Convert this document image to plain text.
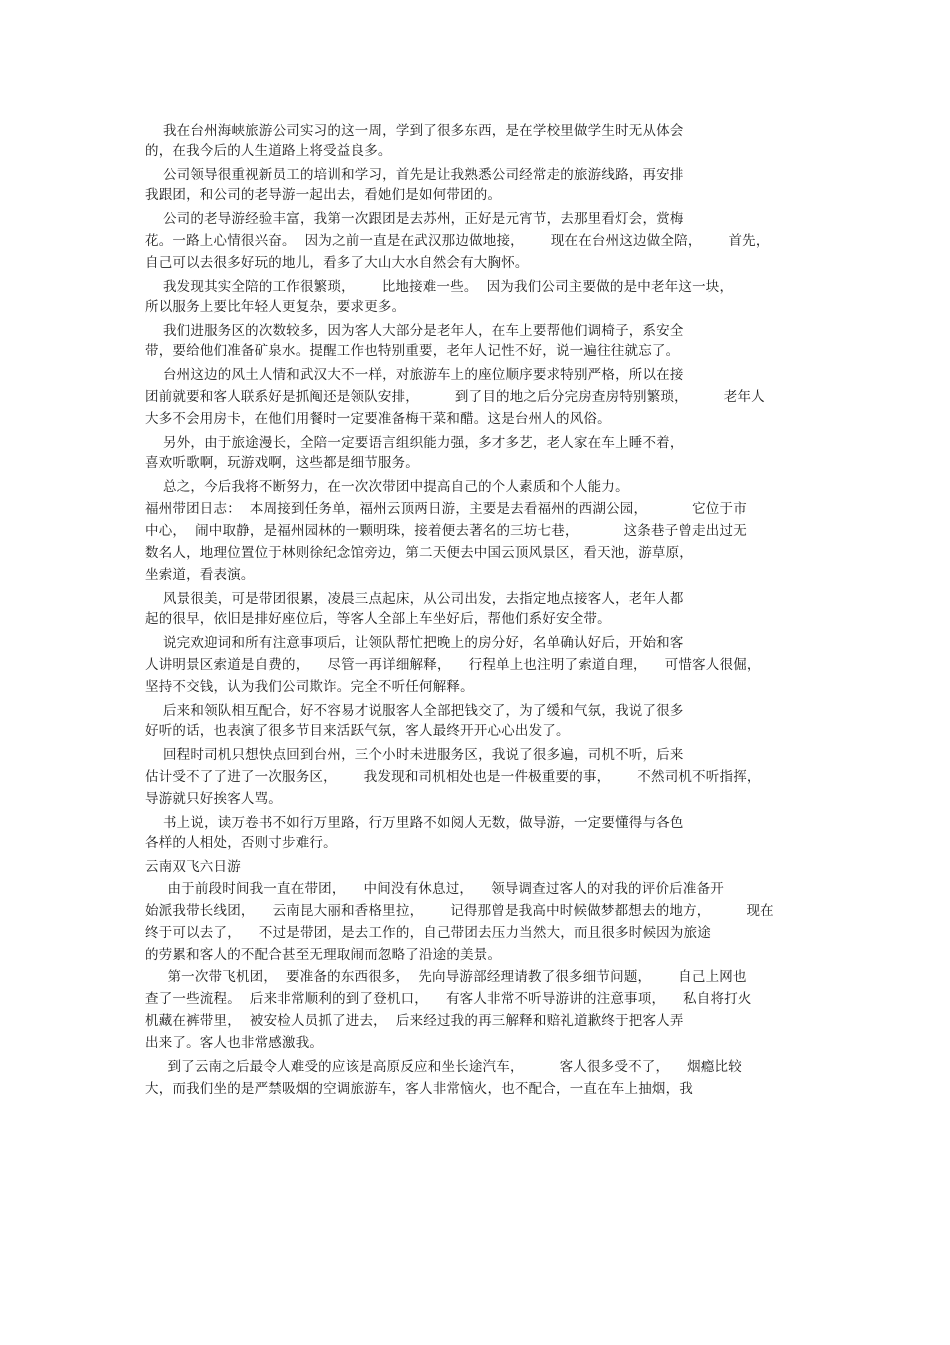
我在台州海峡旅游公司实习的这一周，学到了很多东西，是在学校里做学生时无从体会
的，在我今后的人生道路上将受益良多。
公司领导很重视新员工的培训和学习，首先是让我熟悉公司经常走的旅游线路，再安排
我跟团，和公司的老导游一起出去，看她们是如何带团的。
公司的老导游经验丰富，我第一次跟团是去苏州，正好是元宵节，去那里看灯会，赏梅
花。一路上心情很兴奋。  因为之前一直是在武汉那边做地接，      现在在台州这边做全陪，      首先，
自己可以去很多好玩的地儿，看多了大山大水自然会有大胸怀。
我发现其实全陪的工作很繁琐，      比地接难一些。  因为我们公司主要做的是中老年这一块，
所以服务上要比年轻人更复杂，要求更多。
我们进服务区的次数较多，因为客人大部分是老年人，在车上要帮他们调椅子，系安全
带，要给他们准备矿泉水。提醒工作也特别重要，老年人记性不好，说一遍往往就忘了。
台州这边的风土人情和武汉大不一样，对旅游车上的座位顺序要求特别严格，所以在接
团前就要和客人联系好是抓阄还是领队安排，        到了目的地之后分完房查房特别繁琐，        老年人
大多不会用房卡，在他们用餐时一定要准备梅干菜和醋。这是台州人的风俗。
另外，由于旅途漫长，全陪一定要语言组织能力强，多才多艺，老人家在车上睡不着，
喜欢听歌啊，玩游戏啊，这些都是细节服务。
总之，今后我将不断努力，在一次次带团中提高自己的个人素质和个人能力。
福州带团日志：  本周接到任务单，福州云顶两日游，主要是去看福州的西湖公园，          它位于市
中心，  闹中取静，是福州园林的一颗明珠，接着便去著名的三坊七巷，          这条巷子曾走出过无
数名人，地理位置位于林则徐纪念馆旁边，第二天便去中国云顶风景区，看天池，游草原，
坐索道，看表演。
风景很美，可是带团很累，凌晨三点起床，从公司出发，去指定地点接客人，老年人都
起的很早，依旧是排好座位后，等客人全部上车坐好后，帮他们系好安全带。
说完欢迎词和所有注意事项后，让领队帮忙把晚上的房分好，名单确认好后，开始和客
人讲明景区索道是自费的，    尽管一再详细解释，    行程单上也注明了索道自理，    可惜客人很倔，
坚持不交钱，认为我们公司欺诈。完全不听任何解释。
后来和领队相互配合，好不容易才说服客人全部把钱交了，为了缓和气氛，我说了很多
好听的话，也表演了很多节目来活跃气氛，客人最终开开心心出发了。
回程时司机只想快点回到台州，三个小时未进服务区，我说了很多遍，司机不听，后来
估计受不了了进了一次服务区，      我发现和司机相处也是一件极重要的事，      不然司机不听指挥，
导游就只好挨客人骂。
书上说，读万卷书不如行万里路，行万里路不如阅人无数，做导游，一定要懂得与各色
各样的人相处，否则寸步难行。
云南双飞六日游
由于前段时间我一直在带团，    中间没有休息过，    领导调查过客人的对我的评价后准备开
始派我带长线团，    云南昆大丽和香格里拉，      记得那曾是我高中时候做梦都想去的地方，        现在
终于可以去了，    不过是带团，是去工作的，自己带团去压力当然大，而且很多时候因为旅途
的劳累和客人的不配合甚至无理取闹而忽略了沿途的美景。
第一次带飞机团，  要准备的东西很多，  先向导游部经理请教了很多细节问题，      自己上网也
查了一些流程。  后来非常顺利的到了登机口，    有客人非常不听导游讲的注意事项，    私自将打火
机藏在裤带里，  被安检人员抓了进去，  后来经过我的再三解释和赔礼道歉终于把客人弄
出来了。客人也非常感激我。
到了云南之后最令人难受的应该是高原反应和坐长途汽车，        客人很多受不了，    烟瘾比较
大，而我们坐的是严禁吸烟的空调旅游车，客人非常恼火，也不配合，一直在车上抽烟，我
